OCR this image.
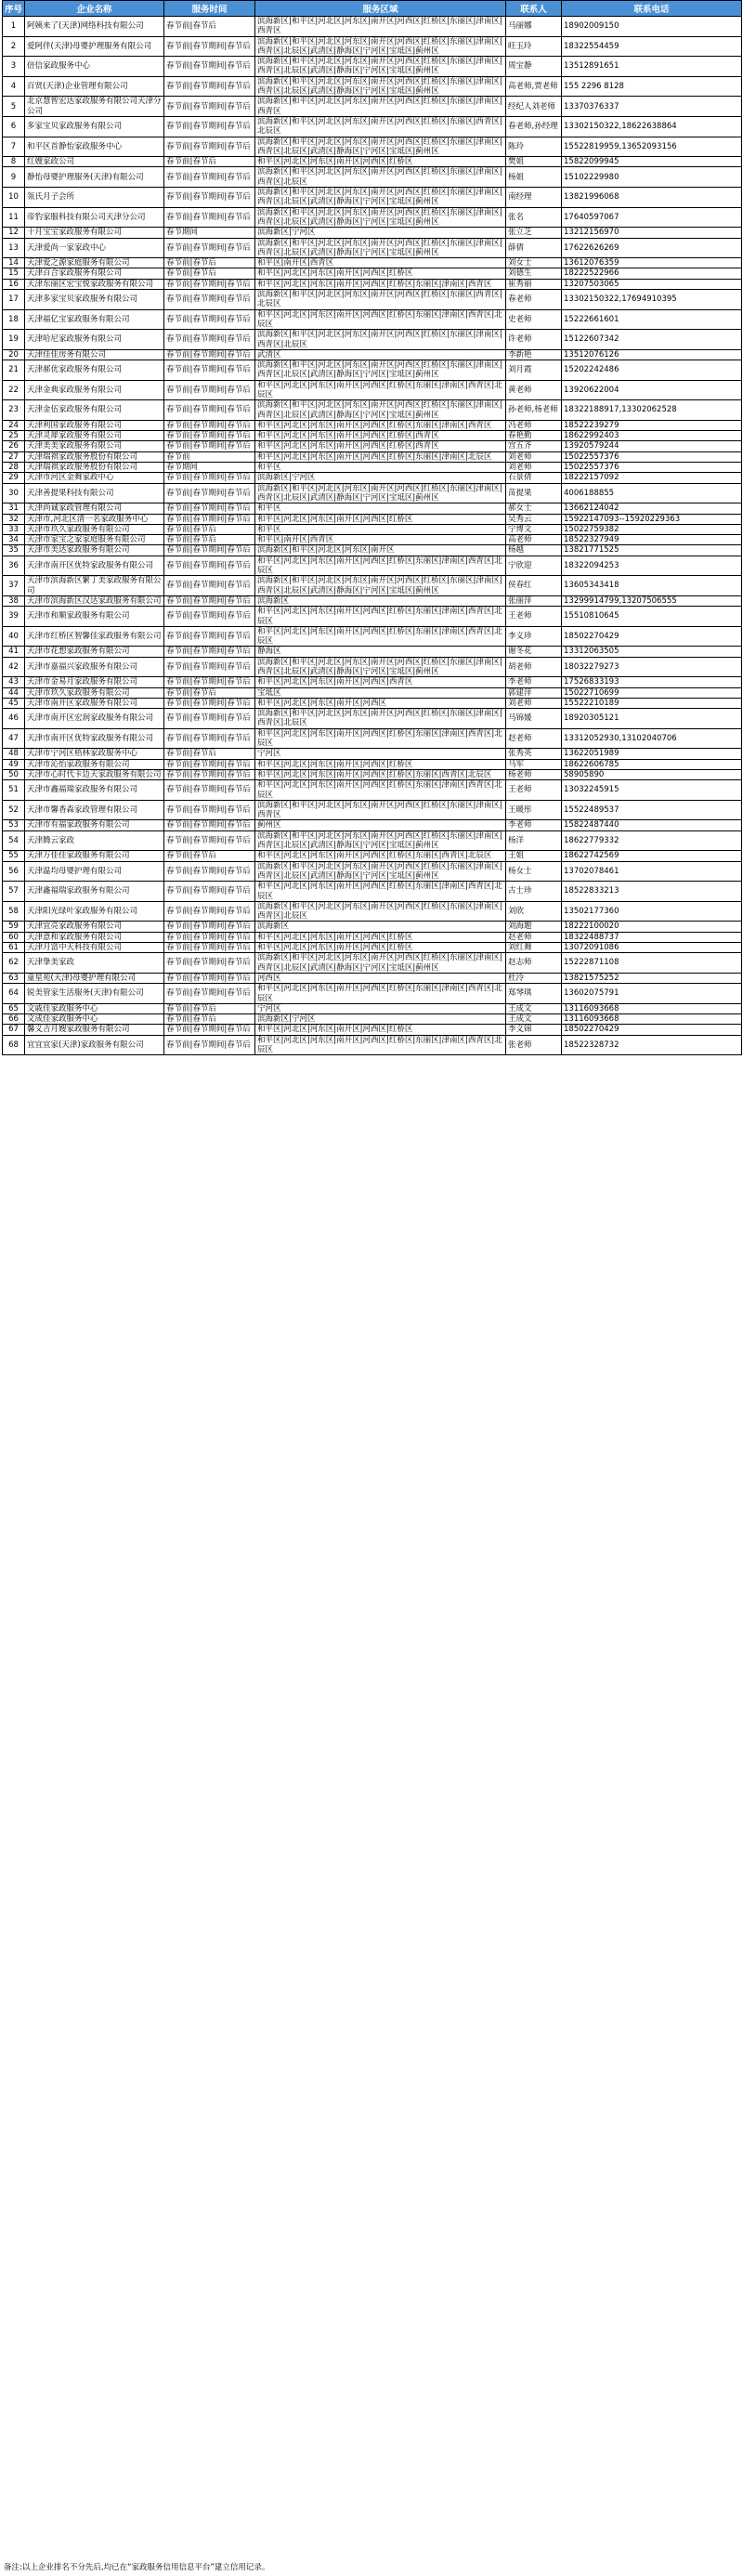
序号	企业名称	服务时间	服务区域	联系人	联系电话
1	阿姨来了(天津)网络科技有限公司	春节前|春节后	滨海新区|和平区|河北区|河东区|南开区|河西区|红桥区|东丽区|津南区|西青区	马丽娜	18902009150
2	爱阿伴(天津)母婴护理服务有限公司	春节前|春节期间|春节后	滨海新区|和平区|河北区|河东区|南开区|河西区|红桥区|东丽区|津南区|西青区|北辰区|武清区|静海区|宁河区|宝坻区|蓟州区	旺玉玲	18322554459
3	倍信家政服务中心	春节前|春节期间|春节后	滨海新区|和平区|河北区|河东区|南开区|河西区|红桥区|东丽区|津南区|西青区|北辰区|武清区|静海区|宁河区|宝坻区|蓟州区	周宝静	13512891651
4	百贤(天津)企业管理有限公司	春节前|春节期间|春节后	滨海新区|和平区|河北区|河东区|南开区|河西区|红桥区|东丽区|津南区|西青区|北辰区|武清区|静海区|宁河区|宝坻区|蓟州区	高老师,贾老师	155 2296 8128
5	北京慧智宏达家政服务有限公司天津分公司	春节前|春节期间|春节后	滨海新区|和平区|河北区|河东区|南开区|河西区|红桥区|东丽区|津南区|西青区	经纪人刘老师	13370376337
6	多家宝贝家政服务有限公司	春节前|春节期间|春节后	滨海新区|和平区|河北区|河东区|南开区|河西区|红桥区|东丽区|西青区|北辰区	春老师,孙经理	13302150322,18622638864
7	和平区首静怡家政服务中心	春节前|春节期间|春节后	滨海新区|和平区|河北区|河东区|南开区|河西区|红桥区|东丽区|津南区|西青区|北辰区|武清区|静海区|宁河区|宝坻区|蓟州区	陈玲	15522819959,13652093156
8	红嫂家政公司	春节前|春节后	和平区|河北区|河东区|南开区|河西区|红桥区	樊姐	15822099945
9	静怡母婴护理服务(天津)有限公司	春节前|春节期间|春节后	滨海新区|和平区|河北区|河东区|南开区|河西区|红桥区|东丽区|津南区|西青区|北辰区	杨姐	15102229980
10	瓴氏月子会所	春节前|春节期间|春节后	滨海新区|和平区|河北区|河东区|南开区|河西区|红桥区|东丽区|津南区|西青区|北辰区|武清区|静海区|宁河区|宝坻区|蓟州区	南经理	13821996068
11	帝豹家服科技有限公司天津分公司	春节前|春节期间|春节后	滨海新区|和平区|河北区|河东区|南开区|河西区|红桥区|东丽区|津南区|西青区|北辰区|武清区|静海区|宁河区|宝坻区|蓟州区	张名	17640597067
12	十月宝宝家政服务有限公司	春节期间	滨海新区|宁河区	张立芝	13212156970
13	天津爱尚一家家政中心	春节前|春节期间|春节后	滨海新区|和平区|河北区|河东区|南开区|河西区|红桥区|东丽区|津南区|西青区|北辰区|武清区|静海区|宁河区|宝坻区|蓟州区	薛倩	17622626269
14	天津爱之源家庭服务有限公司	春节前|春节后	和平区|南开区|西青区	刘女士	13612076359
15	天津百合家政服务有限公司	春节前|春节后	和平区|河北区|河东区|南开区|河西区|红桥区	刘德生	18222522966
16	天津东丽区宏宝悦家政服务有限公司	春节前|春节期间|春节后	和平区|河北区|河东区|南开区|河西区|红桥区|东丽区|津南区|西青区	崔秀丽	13207503065
17	天津多家宝贝家政服务有限公司	春节前|春节期间|春节后	滨海新区|和平区|河北区|河东区|南开区|河西区|红桥区|东丽区|西青区|北辰区	春老师	13302150322,17694910395
18	天津福亿宝家政服务有限公司	春节前|春节期间|春节后	和平区|河北区|河东区|南开区|河西区|红桥区|东丽区|津南区|西青区|北辰区	史老师	15222661601
19	天津哈尼家政服务有限公司	春节前|春节期间|春节后	滨海新区|和平区|河北区|河东区|南开区|河西区|红桥区|东丽区|津南区|西青区|北辰区	许老师	15122607342
20	天津佳佳房务有限公司	春节前|春节期间|春节后	武清区	李新艳	13512076126
21	天津郝优家政服务有限公司	春节前|春节期间|春节后	滨海新区|和平区|河北区|河东区|南开区|河西区|红桥区|东丽区|津南区|西青区|北辰区|武清区|静海区|宁河区|宝坻区|蓟州区	刘月霞	15202242486
22	天津金典家政服务有限公司	春节前|春节期间|春节后	和平区|河北区|河东区|南开区|河西区|红桥区|东丽区|津南区|西青区|北辰区	黄老师	13920622004
23	天津金伍家政服务有限公司	春节前|春节期间|春节后	滨海新区|和平区|河北区|河东区|南开区|河西区|红桥区|东丽区|津南区|西青区|北辰区|武清区|静海区|宁河区|宝坻区|蓟州区	孙老师,杨老师	18322188917,13302062528
24	天津利国家政服务有限公司	春节前|春节期间|春节后	和平区|河北区|河东区|南开区|河西区|红桥区|东丽区|津南区|西青区	冯老师	18522239279
25	天津灵犀家政服务有限公司	春节前|春节期间|春节后	和平区|河北区|河东区|南开区|河西区|红桥区|西青区	春艳勤	18622992403
26	天津美美家政服务有限公司	春节前|春节期间|春节后	和平区|河北区|河东区|南开区|河西区|红桥区|西青区	宫五齐	13920579244
27	天津瑞祺家政服务股份有限公司	春节前	和平区|河北区|河东区|南开区|河西区|红桥区|东丽区|津南区|北辰区	刘老师	15022557376
28	天津瑞祺家政服务股份有限公司	春节期间	和平区	刘老师	15022557376
29	天津市河区金舞家政中心	春节前|春节期间|春节后	滨海新区|宁河区	石景倩	18222157092
30	天津善提果科技有限公司	春节前|春节期间|春节后	滨海新区|和平区|河北区|河东区|南开区|河西区|红桥区|东丽区|津南区|西青区|北辰区|武清区|静海区|宁河区|宝坻区|蓟州区	苗提果	4006188855
31	天津尚诚家政管理有限公司	春节前|春节期间|春节后	和平区	郝女士	13662124042
32	天津市,河北区清一名家政服务中心	春节前|春节期间|春节后	和平区|河北区|河东区|南开区|河西区|红桥区	吴秀云	15922147093--15920229363
33	天津市玖久家政服务有限公司	春节前|春节后	和平区	宁博文	15022759382
34	天津市家宝之家家庭服务有限公司	春节前|春节后	和平区|南开区|西青区	高老师	18522327949
35	天津市美达家政服务有限公司	春节前|春节期间|春节后	滨海新区|和平区|河北区|河东区|南开区	杨越	13821771525
36	天津市南开区优特家政服务有限公司	春节前|春节期间|春节后	和平区|河北区|河东区|南开区|河西区|红桥区|东丽区|津南区|西青区|北辰区	宁欣迎	18322094253
37	天津市滨海新区繁丁美家政服务有限公司	春节前|春节期间|春节后	滨海新区|和平区|河北区|河东区|南开区|河西区|红桥区|东丽区|津南区|西青区|北辰区|武清区|静海区|宁河区|宝坻区|蓟州区	侯春红	13605343418
38	天津市滨海新区汉达家政服务有限公司	春节前|春节期间|春节后	滨海新区	张丽萍	13299914799,13207506555
39	天津市和顺家政服务有限公司	春节前|春节期间|春节后	和平区|河北区|河东区|南开区|河西区|红桥区|东丽区|津南区|西青区|北辰区	王老师	15510810645
40	天津市红桥区智馨佳家政服务有限公司	春节前|春节期间|春节后	和平区|河北区|河东区|南开区|河西区|红桥区|东丽区|津南区|西青区|北辰区	李义珍	18502270429
41	天津市花想家政服务有限公司	春节前|春节期间|春节后	静海区	谢冬花	13312063505
42	天津市嘉福兴家政服务有限公司	春节前|春节期间|春节后	滨海新区|和平区|河北区|河东区|南开区|河西区|红桥区|东丽区|津南区|西青区|北辰区|武清区|静海区|宁河区|宝坻区|蓟州区	胡老师	18032279273
43	天津市金易月家政服务有限公司	春节前|春节期间|春节后	和平区|河北区|河东区|南开区|河西区|西青区	李老师	17526833193
44	天津市玖久家政服务有限公司	春节前|春节后	宝坻区	郭建萍	15022710699
45	天津市南开区家政服务有限公司	春节前|春节期间|春节后	和平区|河北区|河东区|南开区|河西区	刘老师	15522210189
46	天津市南开区宏润家政服务有限公司	春节前|春节期间|春节后	滨海新区|和平区|河北区|河东区|南开区|河西区|红桥区|东丽区|津南区|西青区|北辰区	马锦媛	18920305121
47	天津市南开区优特家政服务有限公司	春节前|春节期间|春节后	和平区|河北区|河东区|南开区|河西区|红桥区|东丽区|津南区|西青区|北辰区	赵老师	13312052930,13102040706
48	天津市宁河区梧林家政服务中心	春节前|春节后	宁河区	张秀英	13622051989
49	天津市沁怡家政服务有限公司	春节前|春节期间|春节后	和平区|河北区|河东区|南开区|河西区|红桥区	马军	18622606785
50	天津市心时代卡边天家政服务有限公司	春节前|春节期间|春节后	和平区|河北区|河东区|南开区|河西区|红桥区|东丽区|西青区|北辰区	杨老师	58905890
51	天津市鑫福瑞家政服务有限公司	春节前|春节期间|春节后	和平区|河北区|河东区|南开区|河西区|红桥区|东丽区|津南区|西青区|北辰区	王老师	13032245915
52	天津市馨香森家政管理有限公司	春节前|春节期间|春节后	滨海新区|和平区|河北区|河东区|南开区|河西区|红桥区|东丽区|津南区|西青区	王暖彤	15522489537
53	天津市有福家政服务有限公司	春节前|春节期间|春节后	蓟州区	李老师	15822487440
54	天津腾云家政	春节前|春节期间|春节后	滨海新区|和平区|河北区|河东区|南开区|河西区|红桥区|东丽区|津南区|西青区|北辰区|武清区|静海区|宁河区|宝坻区|蓟州区	杨洋	18622779332
55	天津万佳佳家政服务有限公司	春节前|春节后	和平区|河北区|河东区|南开区|河西区|红桥区|东丽区|西青区|北辰区	王姐	18622742569
56	天津温均母婴护理有限公司	春节前|春节期间|春节后	滨海新区|和平区|河北区|河东区|南开区|河西区|红桥区|东丽区|津南区|西青区|北辰区|武清区|静海区|宁河区|宝坻区|蓟州区	杨女士	13702078461
57	天津鑫福瑞家政服务有限公司	春节前|春节期间|春节后	和平区|河北区|河东区|南开区|河西区|红桥区|东丽区|津南区|西青区|北辰区	古士珍	18522833213
58	天津阳光绿叶家政服务有限公司	春节前|春节期间|春节后	滨海新区|和平区|河北区|河东区|南开区|河西区|红桥区|东丽区|津南区|西青区|北辰区	刘欣	13502177360
59	天津宜亮家政服务有限公司	春节前|春节期间|春节后	滨海新区	刘海题	18222100020
60	天津意和家政服务有限公司	春节前|春节期间|春节后	和平区|河北区|河东区|南开区|河西区|红桥区	赵老师	18322488737
61	天津月富中天科技有限公司	春节前|春节期间|春节后	和平区|河北区|河东区|南开区|河西区|红桥区	刘红舞	13072091086
62	天津挚美家政	春节前|春节期间|春节后	滨海新区|和平区|河北区|河东区|南开区|河西区|红桥区|东丽区|津南区|西青区|北辰区|武清区|静海区|宁河区|宝坻区|蓟州区	赵志师	15222871108
63	童星苑(天津)母婴护理有限公司	春节前|春节期间|春节后	河西区	杜泠	13821575252
64	锐美管家生活服务(天津)有限公司	春节前|春节期间|春节后	和平区|河北区|河东区|南开区|河西区|红桥区|东丽区|津南区|西青区|北辰区	郑琴琪	13602075791
65	文戚佳家政服务中心	春节前|春节后	宁河区	王成文	13116093668
66	文成佳家政服务中心	春节前|春节后	滨海新区|宁河区	王成文	13116093668
67	馨义吉月嫂家政服务有限公司	春节前|春节期间|春节后	和平区|河北区|河东区|南开区|河西区|红桥区	李义锦	18502270429
68	宜宜宜家(天津)家政服务有限公司	春节前|春节期间|春节后	和平区|河北区|河东区|南开区|河西区|红桥区|东丽区|津南区|西青区|北辰区	张老师	18522328732
备注:以上企业排名不分先后,均已在“家政服务信用信息平台”建立信用记录。
